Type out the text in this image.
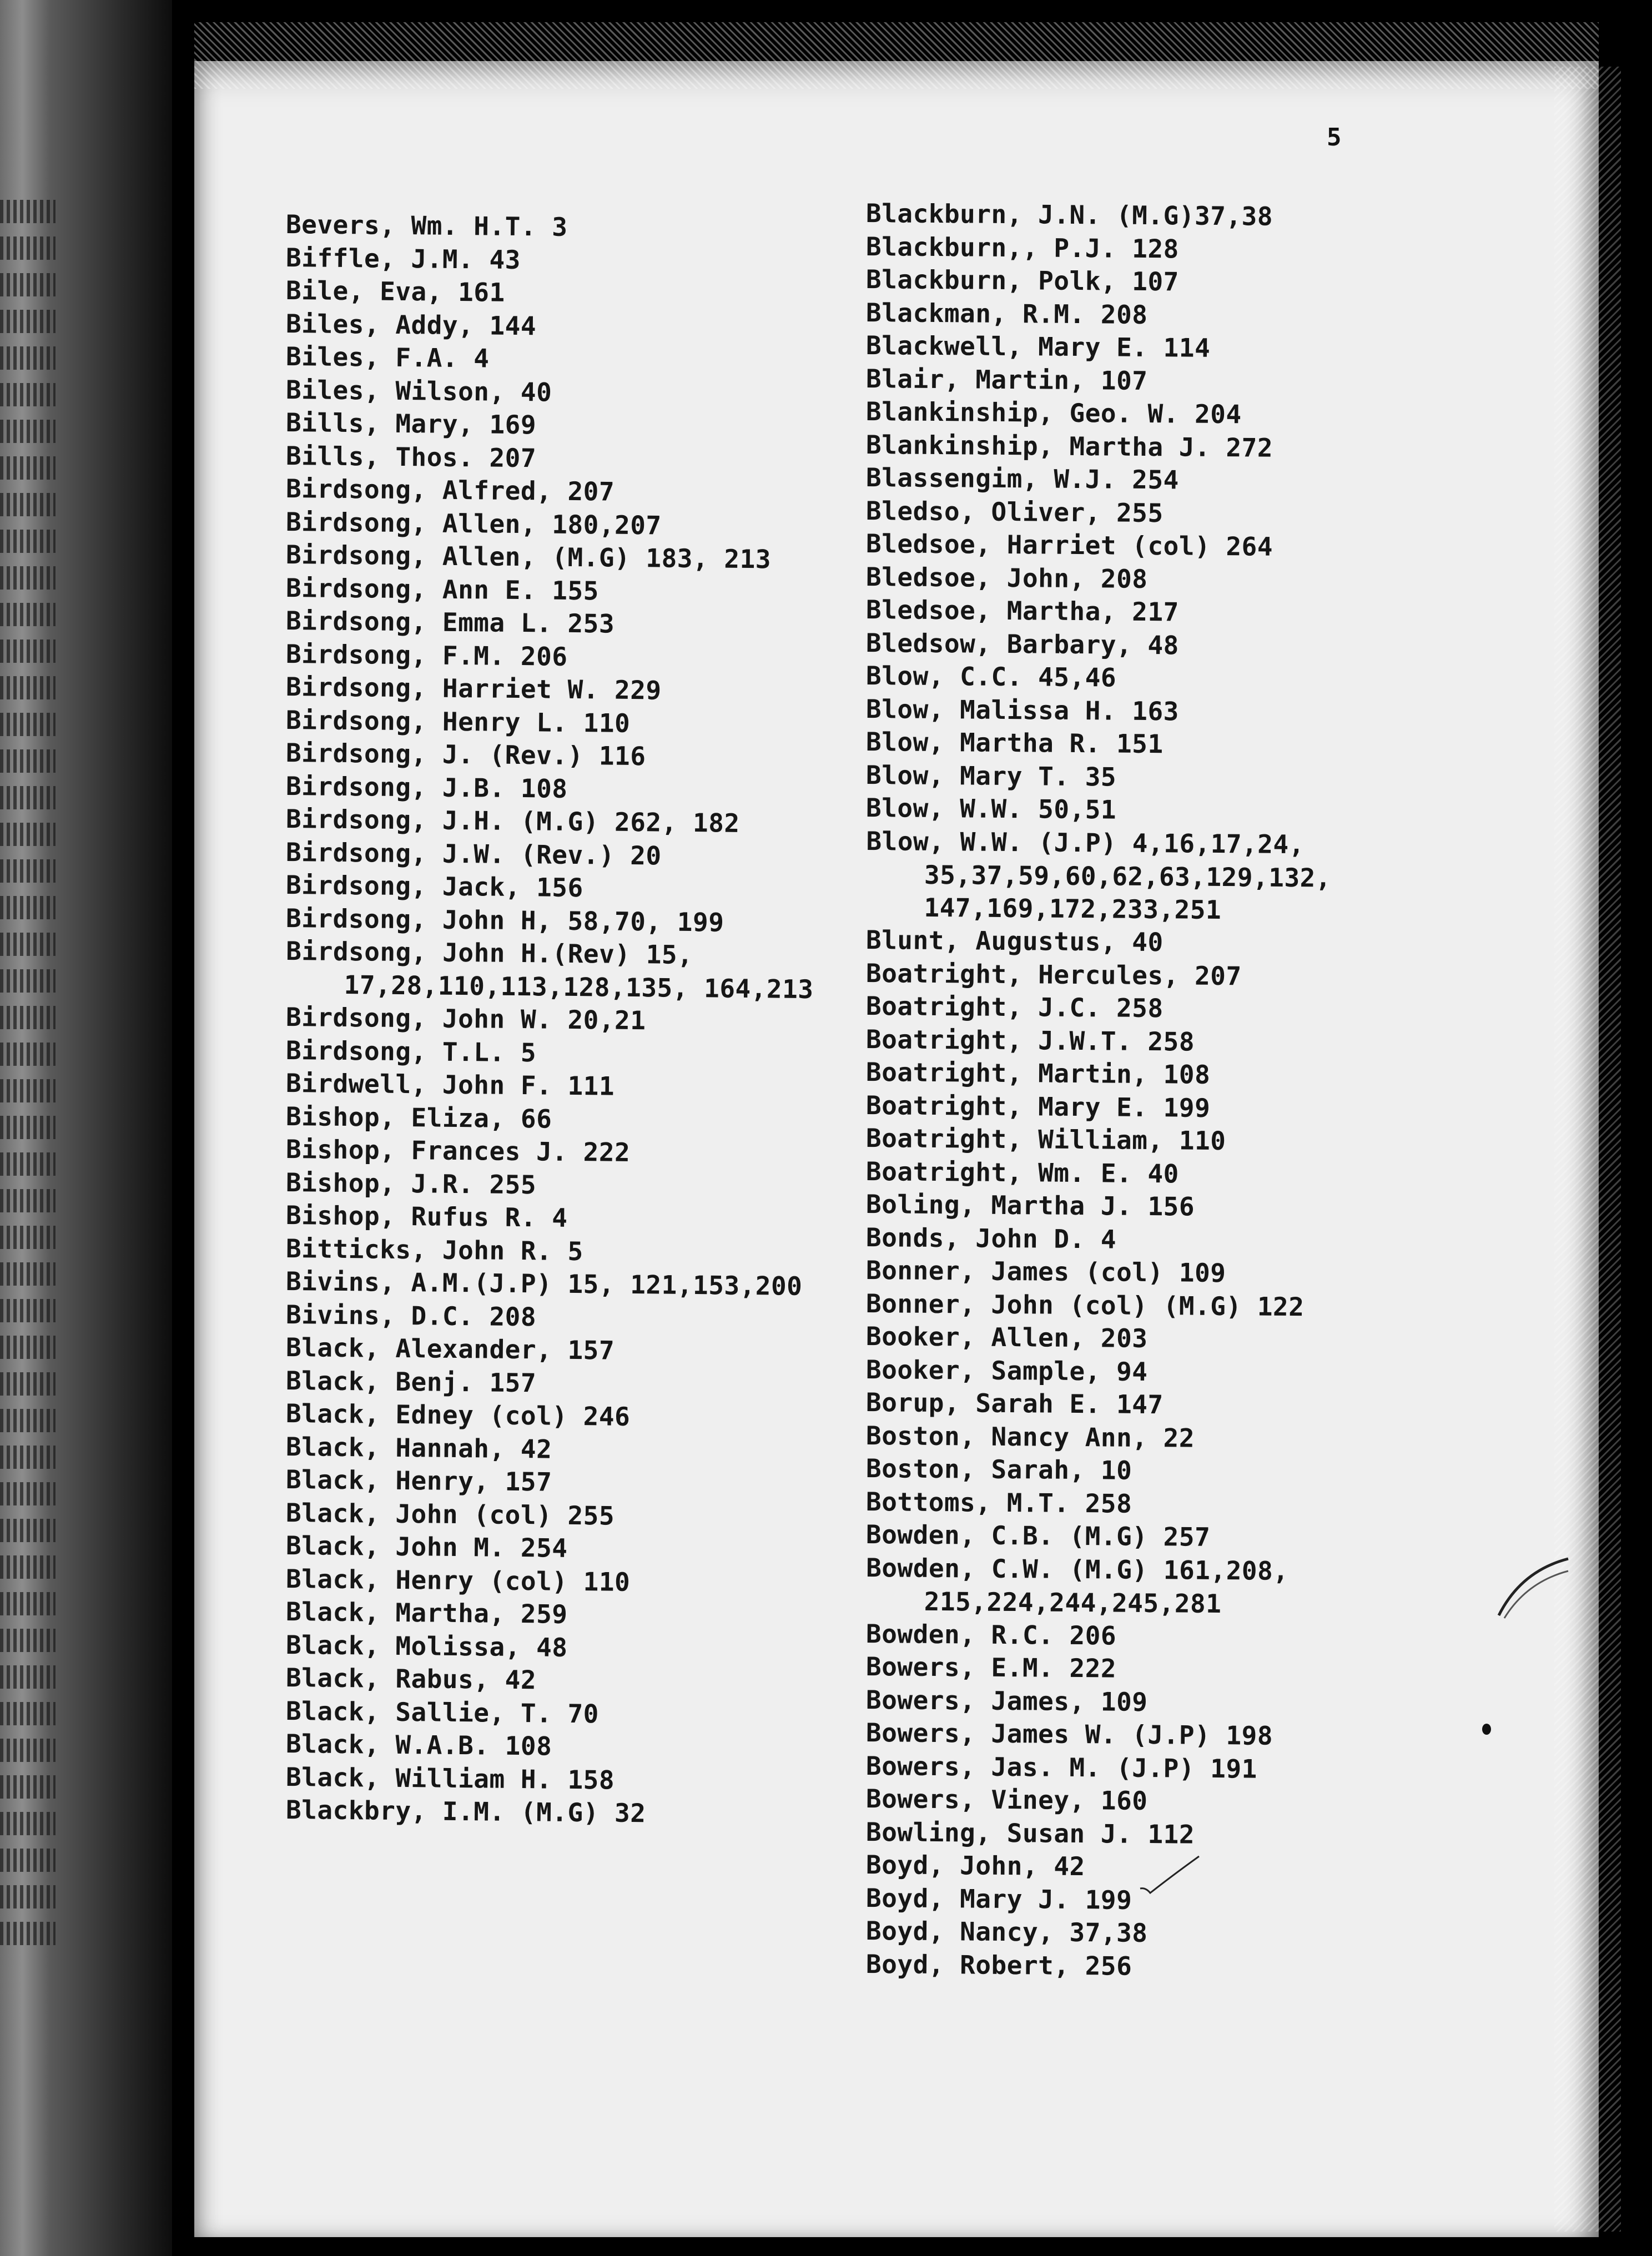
5
Bevers, Wm. H.T. 3
Biffle, J.M. 43
Bile, Eva, 161
Biles, Addy, 144
Biles, F.A. 4
Biles, Wilson, 40
Bills, Mary, 169
Bills, Thos. 207
Birdsong, Alfred, 207
Birdsong, Allen, 180,207
Birdsong, Allen, (M.G) 183, 213
Birdsong, Ann E. 155
Birdsong, Emma L. 253
Birdsong, F.M. 206
Birdsong, Harriet W. 229
Birdsong, Henry L. 110
Birdsong, J. (Rev.) 116
Birdsong, J.B. 108
Birdsong, J.H. (M.G) 262, 182
Birdsong, J.W. (Rev.) 20
Birdsong, Jack, 156
Birdsong, John H, 58,70, 199
Birdsong, John H.(Rev) 15, 17,28,110,113,128,135, 164,213
Birdsong, John W. 20,21
Birdsong, T.L. 5
Birdwell, John F. 111
Bishop, Eliza, 66
Bishop, Frances J. 222
Bishop, J.R. 255
Bishop, Rufus R. 4
Bitticks, John R. 5
Bivins, A.M.(J.P) 15, 121,153,200
Bivins, D.C. 208
Black, Alexander, 157
Black, Benj. 157
Black, Edney (col) 246
Black, Hannah, 42
Black, Henry, 157
Black, John (col) 255
Black, John M. 254
Black, Henry (col) 110
Black, Martha, 259
Black, Molissa, 48
Black, Rabus, 42
Black, Sallie, T. 70
Black, W.A.B. 108
Black, William H. 158
Blackbry, I.M. (M.G) 32
Blackburn, J.N. (M.G)37,38
Blackburn,, P.J. 128
Blackburn, Polk, 107
Blackman, R.M. 208
Blackwell, Mary E. 114
Blair, Martin, 107
Blankinship, Geo. W. 204
Blankinship, Martha J. 272
Blassengim, W.J. 254
Bledso, Oliver, 255
Bledsoe, Harriet (col) 264
Bledsoe, John, 208
Bledsoe, Martha, 217
Bledsow, Barbary, 48
Blow, C.C. 45,46
Blow, Malissa H. 163
Blow, Martha R. 151
Blow, Mary T. 35
Blow, W.W. 50,51
Blow, W.W. (J.P) 4,16,17,24, 35,37,59,60,62,63,129,132, 147,169,172,233,251
Blunt, Augustus, 40
Boatright, Hercules, 207
Boatright, J.C. 258
Boatright, J.W.T. 258
Boatright, Martin, 108
Boatright, Mary E. 199
Boatright, William, 110
Boatright, Wm. E. 40
Boling, Martha J. 156
Bonds, John D. 4
Bonner, James (col) 109
Bonner, John (col) (M.G) 122
Booker, Allen, 203
Booker, Sample, 94
Borup, Sarah E. 147
Boston, Nancy Ann, 22
Boston, Sarah, 10
Bottoms, M.T. 258
Bowden, C.B. (M.G) 257
Bowden, C.W. (M.G) 161,208, 215,224,244,245,281
Bowden, R.C. 206
Bowers, E.M. 222
Bowers, James, 109
Bowers, James W. (J.P) 198
Bowers, Jas. M. (J.P) 191
Bowers, Viney, 160
Bowling, Susan J. 112
Boyd, John, 42
Boyd, Mary J. 199
Boyd, Nancy, 37,38
Boyd, Robert, 256
